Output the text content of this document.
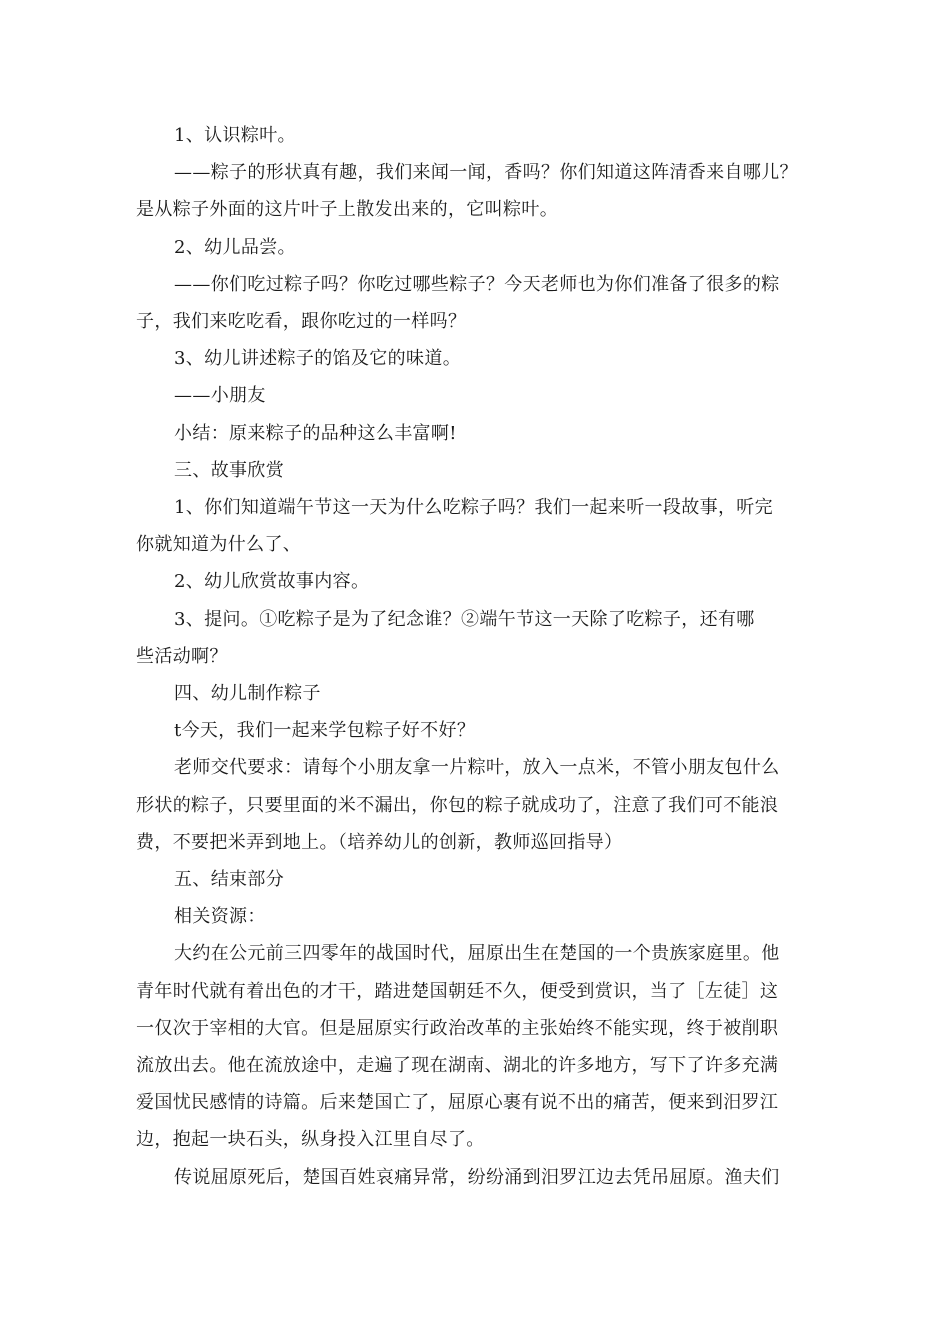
1、认识粽叶。
——粽子的形状真有趣，我们来闻一闻，香吗？你们知道这阵清香来自哪儿？
是从粽子外面的这片叶子上散发出来的，它叫粽叶。
2、幼儿品尝。
——你们吃过粽子吗？你吃过哪些粽子？今天老师也为你们准备了很多的粽
子，我们来吃吃看，跟你吃过的一样吗？
3、幼儿讲述粽子的馅及它的味道。
——小朋友
小结：原来粽子的品种这么丰富啊!
三、故事欣赏
1、你们知道端午节这一天为什么吃粽子吗？我们一起来听一段故事，听完
你就知道为什么了、
2、幼儿欣赏故事内容。
3、提问。①吃粽子是为了纪念谁？②端午节这一天除了吃粽子，还有哪
些活动啊？
四、幼儿制作粽子
t今天，我们一起来学包粽子好不好？
老师交代要求：请每个小朋友拿一片粽叶，放入一点米，不管小朋友包什么
形状的粽子，只要里面的米不漏出，你包的粽子就成功了，注意了我们可不能浪
费，不要把米弄到地上。（培养幼儿的创新，教师巡回指导）
五、结束部分
相关资源：
大约在公元前三四零年的战国时代，屈原出生在楚国的一个贵族家庭里。他
青年时代就有着出色的才干，踏进楚国朝廷不久，便受到赏识，当了［左徒］这
一仅次于宰相的大官。但是屈原实行政治改革的主张始终不能实现，终于被削职
流放出去。他在流放途中，走遍了现在湖南、湖北的许多地方，写下了许多充满
爱国忧民感情的诗篇。后来楚国亡了，屈原心裹有说不出的痛苦，便来到汨罗江
边，抱起一块石头，纵身投入江里自尽了。
传说屈原死后，楚国百姓哀痛异常，纷纷涌到汨罗江边去凭吊屈原。渔夫们
